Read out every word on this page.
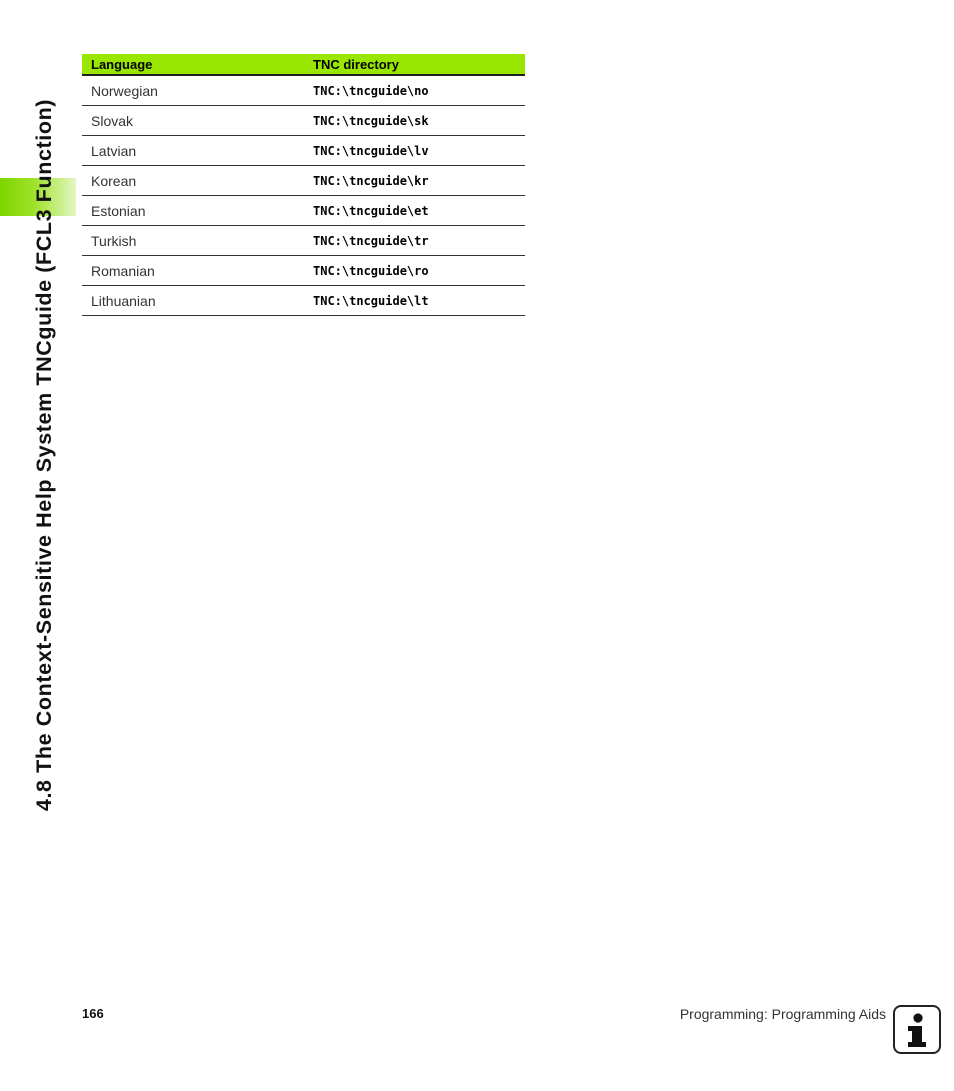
4.8 The Context-Sensitive Help System TNCguide (FCL3 Function)
Language	TNC directory
Norwegian	TNC:\tncguide\no
Slovak	TNC:\tncguide\sk
Latvian	TNC:\tncguide\lv
Korean	TNC:\tncguide\kr
Estonian	TNC:\tncguide\et
Turkish	TNC:\tncguide\tr
Romanian	TNC:\tncguide\ro
Lithuanian	TNC:\tncguide\lt
166	Programming: Programming Aids
